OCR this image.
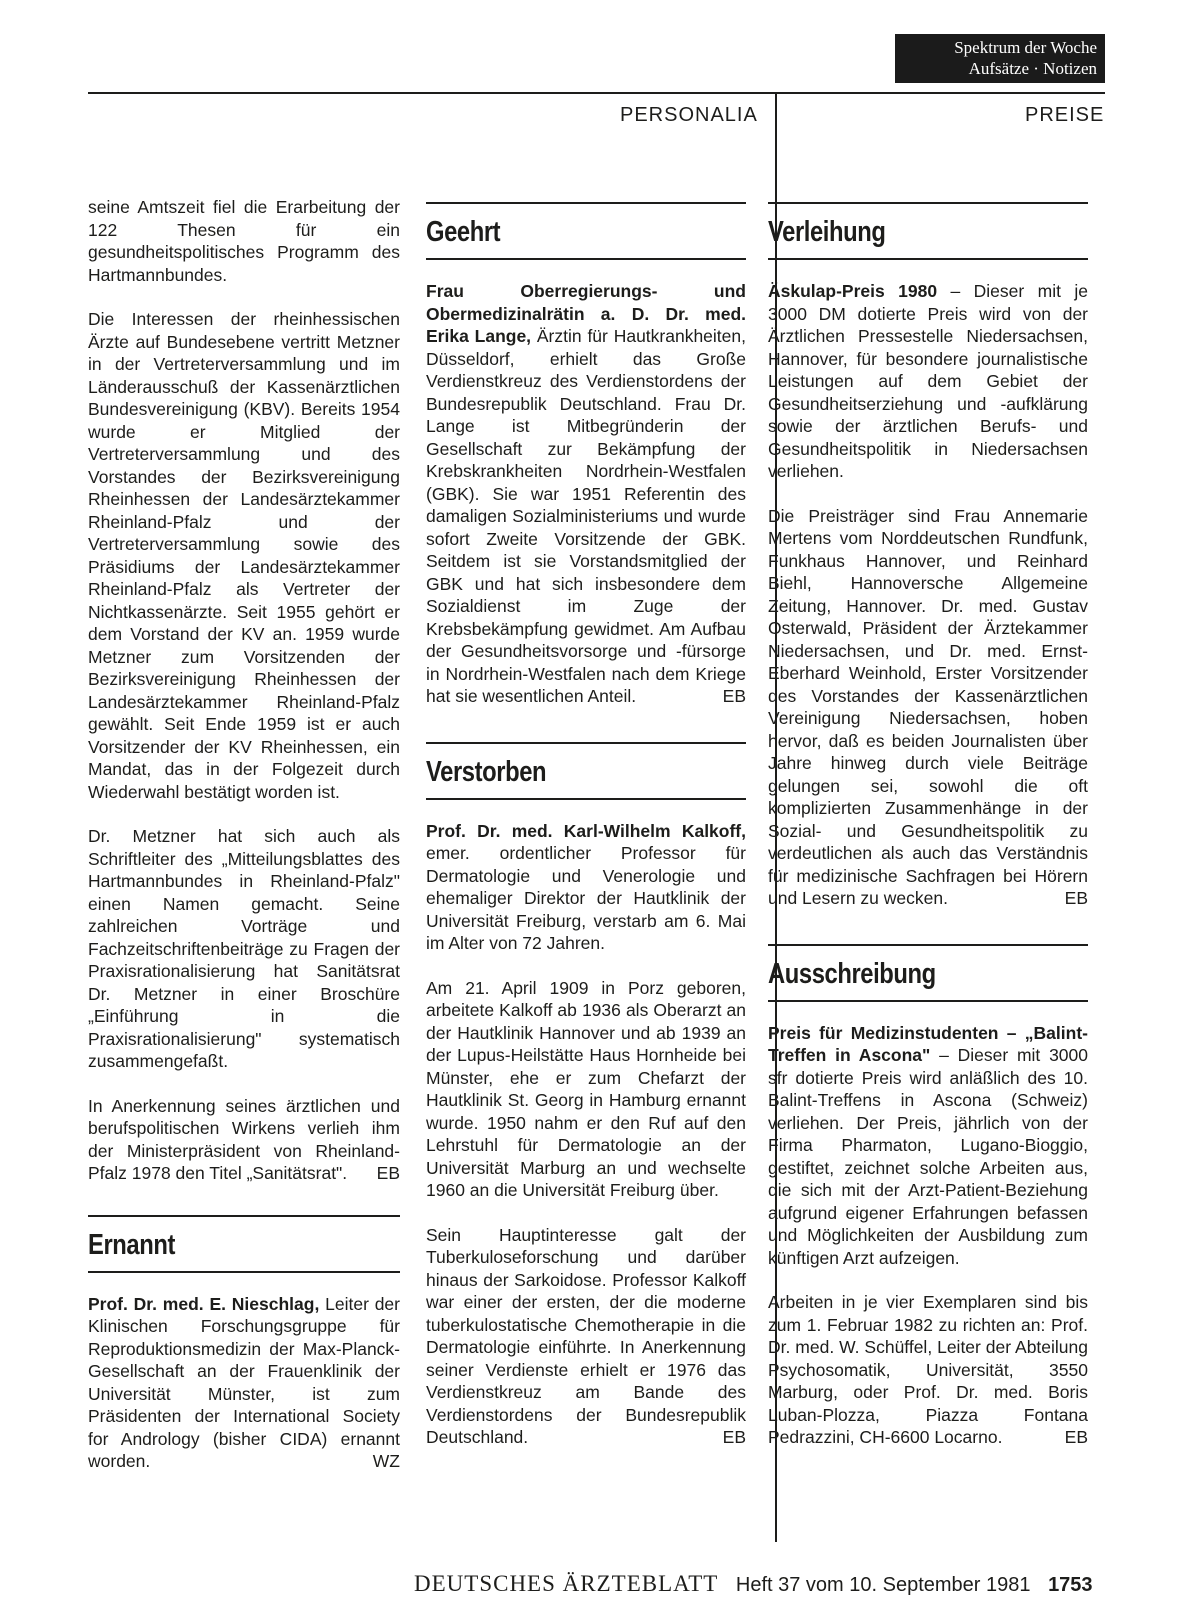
Spektrum der Woche
Aufsätze · Notizen
PERSONALIA	PREISE

seine Amtszeit fiel die Erarbeitung der 122 Thesen für ein gesundheitspolitisches Programm des Hartmannbundes.

Die Interessen der rheinhessischen Ärzte auf Bundesebene vertritt Metzner in der Vertreterversammlung und im Länderausschuß der Kassenärztlichen Bundesvereinigung (KBV). Bereits 1954 wurde er Mitglied der Vertreterversammlung und des Vorstandes der Bezirksvereinigung Rheinhessen der Landesärztekammer Rheinland-Pfalz und der Vertreterversammlung sowie des Präsidiums der Landesärztekammer Rheinland-Pfalz als Vertreter der Nichtkassenärzte. Seit 1955 gehört er dem Vorstand der KV an. 1959 wurde Metzner zum Vorsitzenden der Bezirksvereinigung Rheinhessen der Landesärztekammer Rheinland-Pfalz gewählt. Seit Ende 1959 ist er auch Vorsitzender der KV Rheinhessen, ein Mandat, das in der Folgezeit durch Wiederwahl bestätigt worden ist.

Dr. Metzner hat sich auch als Schriftleiter des „Mitteilungsblattes des Hartmannbundes in Rheinland-Pfalz" einen Namen gemacht. Seine zahlreichen Vorträge und Fachzeitschriftenbeiträge zu Fragen der Praxisrationalisierung hat Sanitätsrat Dr. Metzner in einer Broschüre „Einführung in die Praxisrationalisierung" systematisch zusammengefaßt.

In Anerkennung seines ärztlichen und berufspolitischen Wirkens verlieh ihm der Ministerpräsident von Rheinland-Pfalz 1978 den Titel „Sanitätsrat". EB

Ernannt

Prof. Dr. med. E. Nieschlag, Leiter der Klinischen Forschungsgruppe für Reproduktionsmedizin der Max-Planck-Gesellschaft an der Frauenklinik der Universität Münster, ist zum Präsidenten der International Society for Andrology (bisher CIDA) ernannt worden.	WZ

Geehrt

Frau Oberregierungs- und Obermedizinalrätin a. D. Dr. med. Erika Lange, Ärztin für Hautkrankheiten, Düsseldorf, erhielt das Große Verdienstkreuz des Verdienstordens der Bundesrepublik Deutschland. Frau Dr. Lange ist Mitbegründerin der Gesellschaft zur Bekämpfung der Krebskrankheiten Nordrhein-Westfalen (GBK). Sie war 1951 Referentin des damaligen Sozialministeriums und wurde sofort Zweite Vorsitzende der GBK. Seitdem ist sie Vorstandsmitglied der GBK und hat sich insbesondere dem Sozialdienst im Zuge der Krebsbekämpfung gewidmet. Am Aufbau der Gesundheitsvorsorge und -fürsorge in Nordrhein-Westfalen nach dem Kriege hat sie wesentlichen Anteil.	EB

Verstorben

Prof. Dr. med. Karl-Wilhelm Kalkoff, emer. ordentlicher Professor für Dermatologie und Venerologie und ehemaliger Direktor der Hautklinik der Universität Freiburg, verstarb am 6. Mai im Alter von 72 Jahren.

Am 21. April 1909 in Porz geboren, arbeitete Kalkoff ab 1936 als Oberarzt an der Hautklinik Hannover und ab 1939 an der Lupus-Heilstätte Haus Hornheide bei Münster, ehe er zum Chefarzt der Hautklinik St. Georg in Hamburg ernannt wurde. 1950 nahm er den Ruf auf den Lehrstuhl für Dermatologie an der Universität Marburg an und wechselte 1960 an die Universität Freiburg über.

Sein Hauptinteresse galt der Tuberkuloseforschung und darüber hinaus der Sarkoidose. Professor Kalkoff war einer der ersten, der die moderne tuberkulostatische Chemotherapie in die Dermatologie einführte. In Anerkennung seiner Verdienste erhielt er 1976 das Verdienstkreuz am Bande des Verdienstordens der Bundesrepublik Deutschland.	EB

Verleihung

Äskulap-Preis 1980 – Dieser mit je 3000 DM dotierte Preis wird von der Ärztlichen Pressestelle Niedersachsen, Hannover, für besondere journalistische Leistungen auf dem Gebiet der Gesundheitserziehung und -aufklärung sowie der ärztlichen Berufs- und Gesundheitspolitik in Niedersachsen verliehen.

Die Preisträger sind Frau Annemarie Mertens vom Norddeutschen Rundfunk, Funkhaus Hannover, und Reinhard Biehl, Hannoversche Allgemeine Zeitung, Hannover. Dr. med. Gustav Osterwald, Präsident der Ärztekammer Niedersachsen, und Dr. med. Ernst-Eberhard Weinhold, Erster Vorsitzender des Vorstandes der Kassenärztlichen Vereinigung Niedersachsen, hoben hervor, daß es beiden Journalisten über Jahre hinweg durch viele Beiträge gelungen sei, sowohl die oft komplizierten Zusammenhänge in der Sozial- und Gesundheitspolitik zu verdeutlichen als auch das Verständnis für medizinische Sachfragen bei Hörern und Lesern zu wecken.	EB

Ausschreibung

Preis für Medizinstudenten – „Balint-Treffen in Ascona" – Dieser mit 3000 sfr dotierte Preis wird anläßlich des 10. Balint-Treffens in Ascona (Schweiz) verliehen. Der Preis, jährlich von der Firma Pharmaton, Lugano-Bioggio, gestiftet, zeichnet solche Arbeiten aus, die sich mit der Arzt-Patient-Beziehung aufgrund eigener Erfahrungen befassen und Möglichkeiten der Ausbildung zum künftigen Arzt aufzeigen.

Arbeiten in je vier Exemplaren sind bis zum 1. Februar 1982 zu richten an: Prof. Dr. med. W. Schüffel, Leiter der Abteilung Psychosomatik, Universität, 3550 Marburg, oder Prof. Dr. med. Boris Luban-Plozza, Piazza Fontana Pedrazzini, CH-6600 Locarno.	EB

DEUTSCHES ÄRZTEBLATT Heft 37 vom 10. September 1981 1753
